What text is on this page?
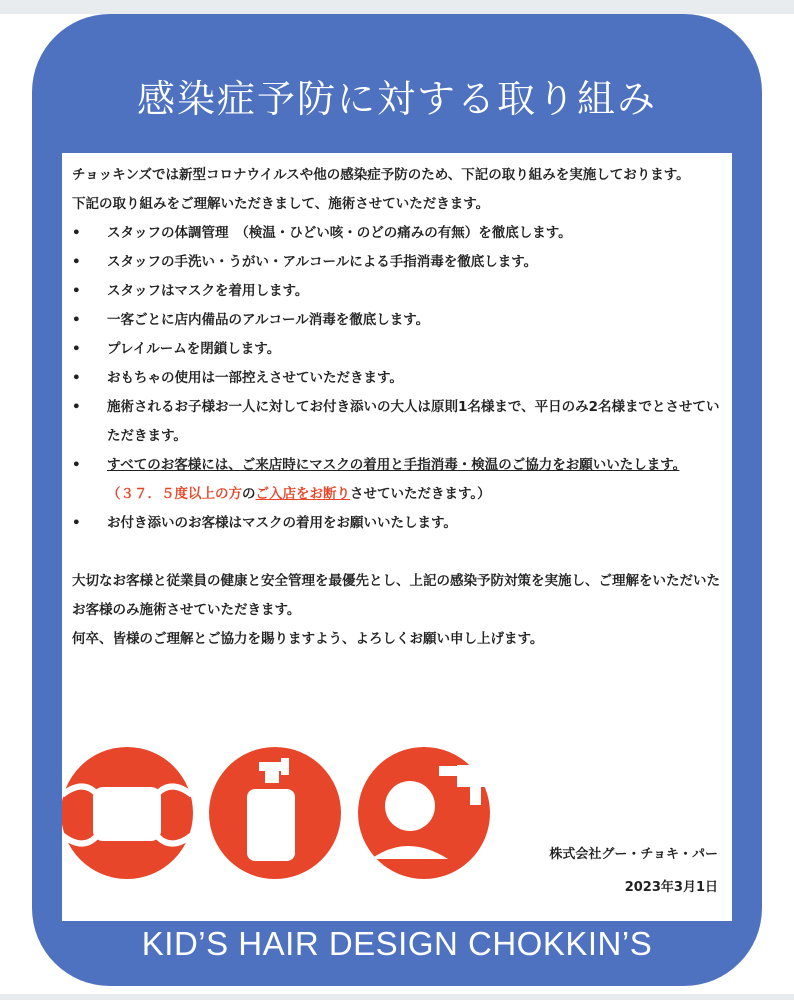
感染症予防に対する取り組み

チョッキンズでは新型コロナウイルスや他の感染症予防のため、下記の取り組みを実施しております。

下記の取り組みをご理解いただきまして、施術させていただきます。

• スタッフの体調管理　（検温・ひどい咳・のどの痛みの有無）を徹底します。
• スタッフの手洗い・うがい・アルコールによる手指消毒を徹底します。
• スタッフはマスクを着用します。
• 一客ごとに店内備品のアルコール消毒を徹底します。
• プレイルームを閉鎖します。
• おもちゃの使用は一部控えさせていただきます。
• 施術されるお子様お一人に対してお付き添いの大人は原則1名様まで、平日のみ2名様までとさせていただきます。
• すべてのお客様には、ご来店時にマスクの着用と手指消毒・検温のご協力をお願いいたします。　　　（３７．５度以上の方のご入店をお断りさせていただきます。）
• お付き添いのお客様はマスクの着用をお願いいたします。

大切なお客様と従業員の健康と安全管理を最優先とし、上記の感染予防対策を実施し、ご理解をいただいたお客様のみ施術させていただきます。

何卒、皆様のご理解とご協力を賜りますよう、よろしくお願い申し上げます。

株式会社グー・チョキ・パー
2023年3月1日
KID’S HAIR DESIGN CHOKKIN’S
